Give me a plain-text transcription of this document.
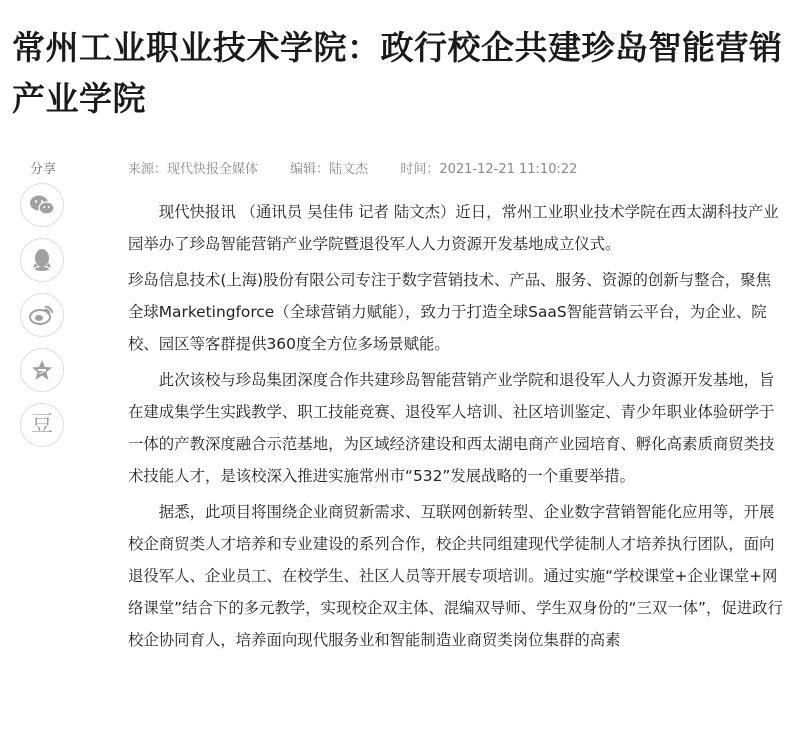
常州工业职业技术学院：政行校企共建珍岛智能营销产业学院
分享
豆
来源：现代快报全媒体 编辑：陆文杰 时间：2021-12-21 11:10:22

现代快报讯 （通讯员 吴佳伟 记者 陆文杰）近日，常州工业职业技术学院在西太湖科技产业园举办了珍岛智能营销产业学院暨退役军人人力资源开发基地成立仪式。

珍岛信息技术(上海)股份有限公司专注于数字营销技术、产品、服务、资源的创新与整合，聚焦全球Marketingforce（全球营销力赋能），致力于打造全球SaaS智能营销云平台，为企业、院校、园区等客群提供360度全方位多场景赋能。

此次该校与珍岛集团深度合作共建珍岛智能营销产业学院和退役军人人力资源开发基地，旨在建成集学生实践教学、职工技能竞赛、退役军人培训、社区培训鉴定、青少年职业体验研学于一体的产教深度融合示范基地，为区域经济建设和西太湖电商产业园培育、孵化高素质商贸类技术技能人才，是该校深入推进实施常州市“532”发展战略的一个重要举措。

据悉，此项目将围绕企业商贸新需求、互联网创新转型、企业数字营销智能化应用等，开展校企商贸类人才培养和专业建设的系列合作，校企共同组建现代学徒制人才培养执行团队，面向退役军人、企业员工、在校学生、社区人员等开展专项培训。通过实施“学校课堂+企业课堂+网络课堂”结合下的多元教学，实现校企双主体、混编双导师、学生双身份的“三双一体”，促进政行校企协同育人，培养面向现代服务业和智能制造业商贸类岗位集群的高素
